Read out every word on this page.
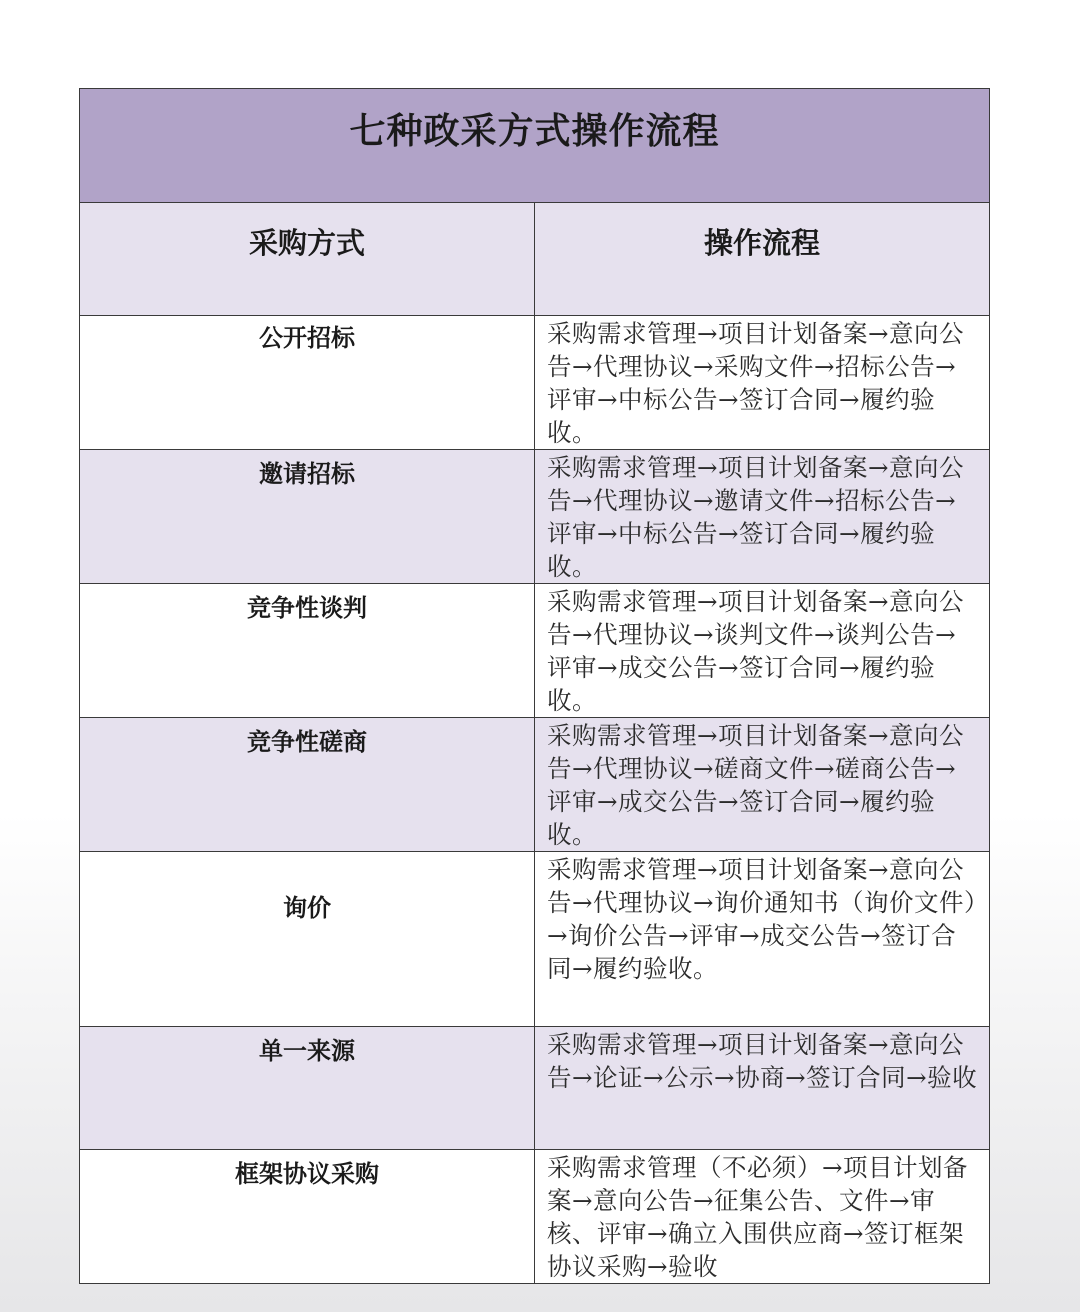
七种政采方式操作流程	

采购方式	操作流程

公开招标	采购需求管理→项目计划备案→意向公告→代理协议→采购文件→招标公告→评审→中标公告→签订合同→履约验收。

邀请招标	采购需求管理→项目计划备案→意向公告→代理协议→邀请文件→招标公告→评审→中标公告→签订合同→履约验收。

竞争性谈判	采购需求管理→项目计划备案→意向公告→代理协议→谈判文件→谈判公告→评审→成交公告→签订合同→履约验收。

竞争性磋商	采购需求管理→项目计划备案→意向公告→代理协议→磋商文件→磋商公告→评审→成交公告→签订合同→履约验收。

询价	采购需求管理→项目计划备案→意向公告→代理协议→询价通知书（询价文件）→询价公告→评审→成交公告→签订合同→履约验收。

单一来源	采购需求管理→项目计划备案→意向公告→论证→公示→协商→签订合同→验收

框架协议采购	采购需求管理（不必须）→项目计划备案→意向公告→征集公告、文件→审核、评审→确立入围供应商→签订框架协议采购→验收
